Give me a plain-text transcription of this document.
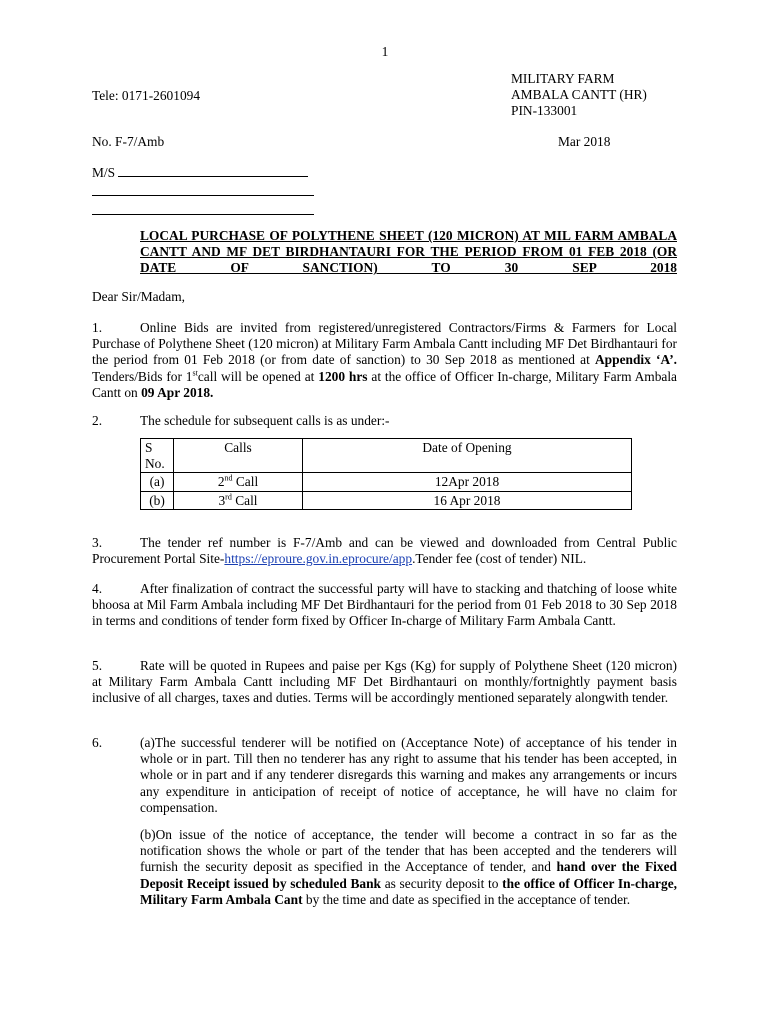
1
MILITARY FARM
AMBALA CANTT (HR)
PIN-133001
Tele: 0171-2601094
No. F-7/Amb	Mar 2018
M/S
LOCAL PURCHASE OF POLYTHENE SHEET (120 MICRON) AT MIL FARM AMBALA CANTT AND MF DET BIRDHANTAURI FOR THE PERIOD FROM 01 FEB 2018 (OR DATE OF SANCTION) TO 30 SEP 2018
Dear Sir/Madam,
1.	Online Bids are invited from registered/unregistered Contractors/Firms & Farmers for Local Purchase of Polythene Sheet (120 micron) at Military Farm Ambala Cantt including MF Det Birdhantauri for the period from 01 Feb 2018 (or from date of sanction) to 30 Sep 2018 as mentioned at Appendix ‘A’. Tenders/Bids for 1stcall will be opened at 1200 hrs at the office of Officer In-charge, Military Farm Ambala Cantt on 09 Apr 2018.
2.	The schedule for subsequent calls is as under:-
S No.	Calls	Date of Opening
(a)	2nd Call	12Apr 2018
(b)	3rd Call	16 Apr 2018
3.	The tender ref number is F-7/Amb and can be viewed and downloaded from Central Public Procurement Portal Site-https://eproure.gov.in.eprocure/app.Tender fee (cost of tender) NIL.
4.	After finalization of contract the successful party will have to stacking and thatching of loose white bhoosa at Mil Farm Ambala including MF Det Birdhantauri for the period from 01 Feb 2018 to 30 Sep 2018 in terms and conditions of tender form fixed by Officer In-charge of Military Farm Ambala Cantt.
5.	Rate will be quoted in Rupees and paise per Kgs (Kg) for supply of Polythene Sheet (120 micron) at Military Farm Ambala Cantt including MF Det Birdhantauri on monthly/fortnightly payment basis inclusive of all charges, taxes and duties. Terms will be accordingly mentioned separately alongwith tender.
6.	(a)The successful tenderer will be notified on (Acceptance Note) of acceptance of his tender in whole or in part. Till then no tenderer has any right to assume that his tender has been accepted, in whole or in part and if any tenderer disregards this warning and makes any arrangements or incurs any expenditure in anticipation of receipt of notice of acceptance, he will have no claim for compensation.
(b)On issue of the notice of acceptance, the tender will become a contract in so far as the notification shows the whole or part of the tender that has been accepted and the tenderers will furnish the security deposit as specified in the Acceptance of tender, and hand over the Fixed Deposit Receipt issued by scheduled Bank as security deposit to the office of Officer In-charge, Military Farm Ambala Cant by the time and date as specified in the acceptance of tender.
